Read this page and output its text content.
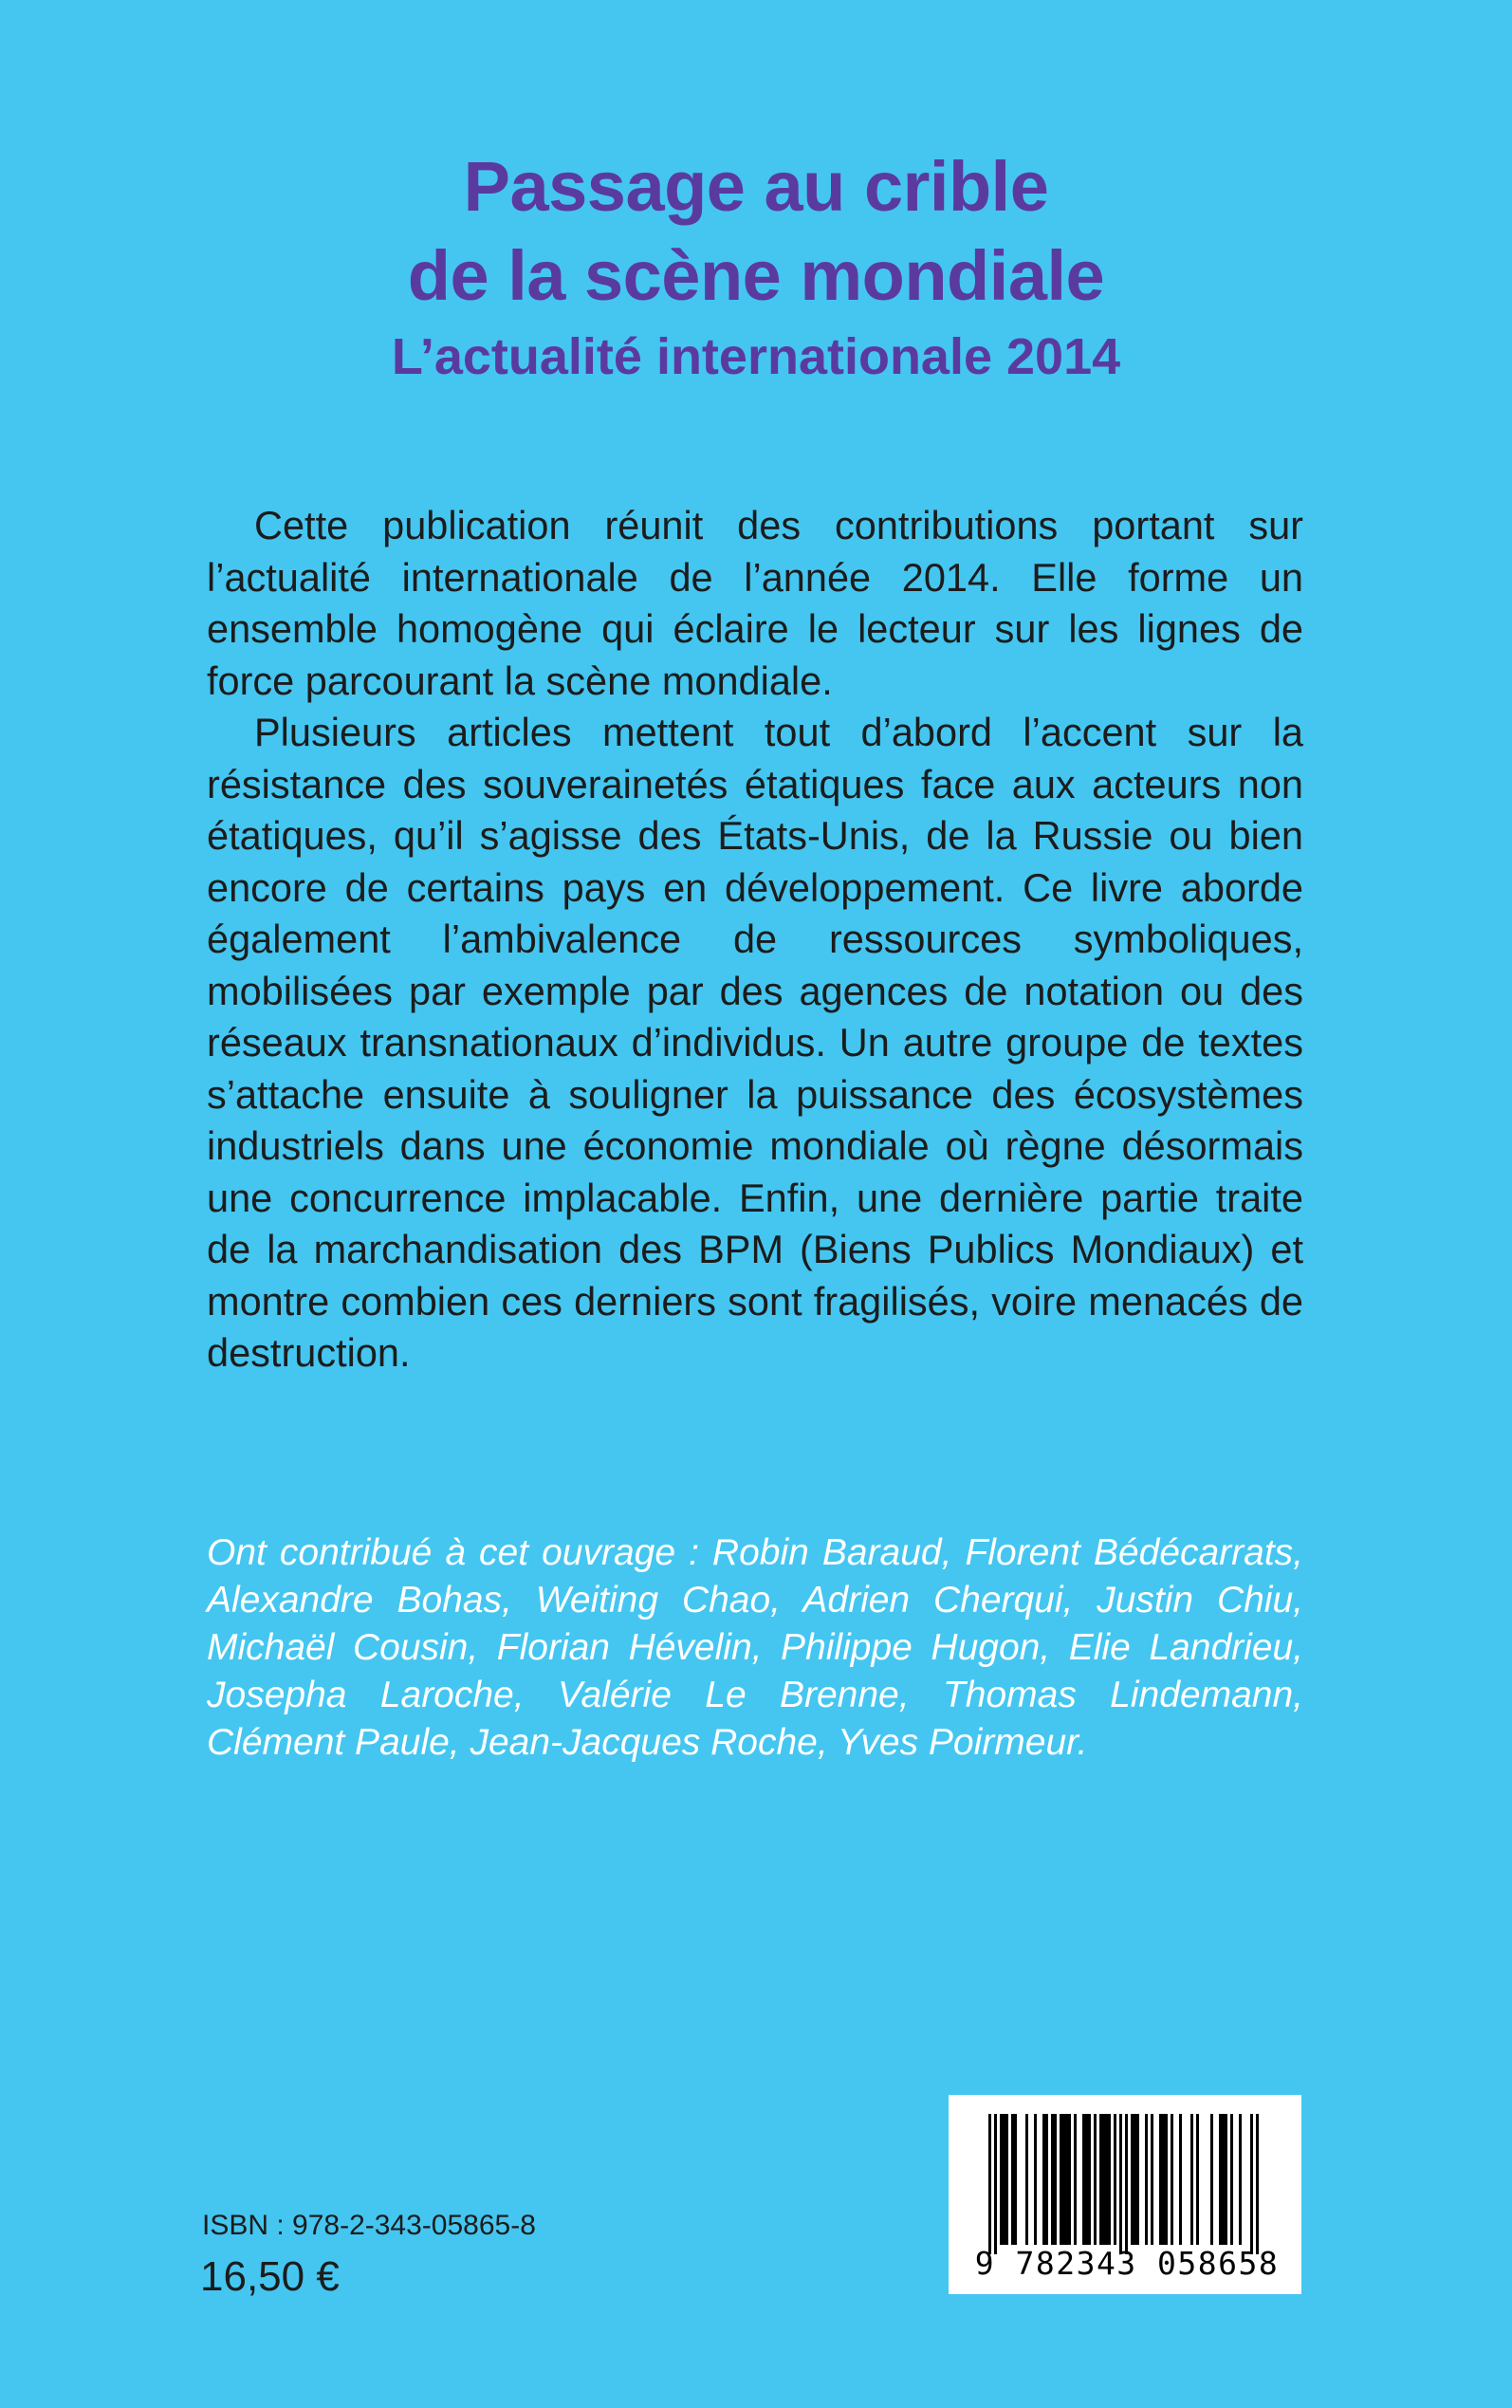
Passage au crible
de la scène mondiale
L’actualité internationale 2014

Cette publication réunit des contributions portant sur l’actualité internationale de l’année 2014. Elle forme un ensemble homogène qui éclaire le lecteur sur les lignes de force parcourant la scène mondiale.

Plusieurs articles mettent tout d’abord l’accent sur la résistance des souverainetés étatiques face aux acteurs non étatiques, qu’il s’agisse des États-Unis, de la Russie ou bien encore de certains pays en développement. Ce livre aborde également l’ambivalence de ressources symboliques, mobilisées par exemple par des agences de notation ou des réseaux transnationaux d’individus. Un autre groupe de textes s’attache ensuite à souligner la puissance des écosystèmes industriels dans une économie mondiale où règne désormais une concurrence implacable. Enfin, une dernière partie traite de la marchandisation des BPM (Biens Publics Mondiaux) et montre combien ces derniers sont fragilisés, voire menacés de destruction.

Ont contribué à cet ouvrage : Robin Baraud, Florent Bédécarrats, Alexandre Bohas, Weiting Chao, Adrien Cherqui, Justin Chiu, Michaël Cousin, Florian Hévelin, Philippe Hugon, Elie Landrieu, Josepha Laroche, Valérie Le Brenne, Thomas Lindemann, Clément Paule, Jean-Jacques Roche, Yves Poirmeur.
ISBN : 978-2-343-05865-8
16,50 €	9 782343 058658
